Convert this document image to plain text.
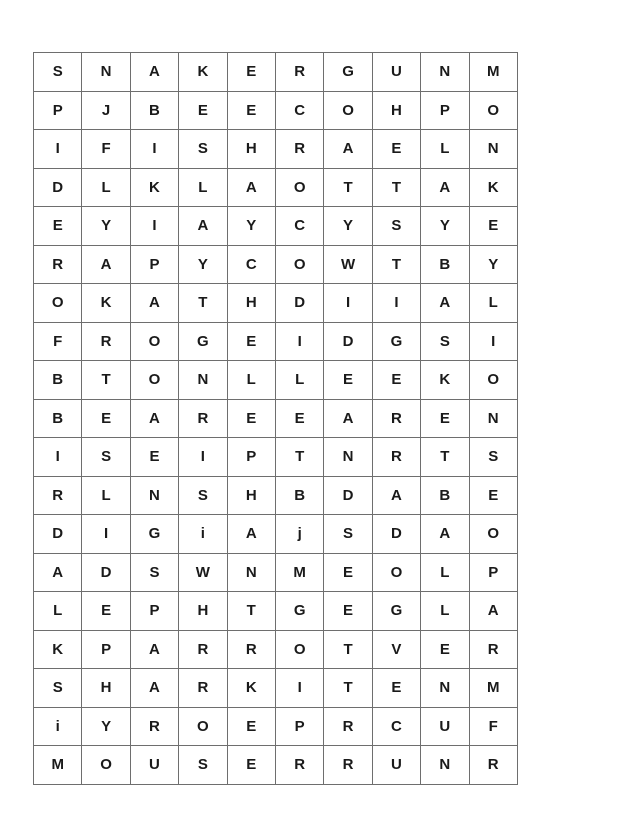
S	N	A	K	E	R	G	U	N	M
P	J	B	E	E	C	O	H	P	O
I	F	I	S	H	R	A	E	L	N
D	L	K	L	A	O	T	T	A	K
E	Y	I	A	Y	C	Y	S	Y	E
R	A	P	Y	C	O	W	T	B	Y
O	K	A	T	H	D	I	I	A	L
F	R	O	G	E	I	D	G	S	I
B	T	O	N	L	L	E	E	K	O
B	E	A	R	E	E	A	R	E	N
I	S	E	I	P	T	N	R	T	S
R	L	N	S	H	B	D	A	B	E
D	I	G	i	A	j	S	D	A	O
A	D	S	W	N	M	E	O	L	P
L	E	P	H	T	G	E	G	L	A
K	P	A	R	R	O	T	V	E	R
S	H	A	R	K	I	T	E	N	M
i	Y	R	O	E	P	R	C	U	F
M	O	U	S	E	R	R	U	N	R
